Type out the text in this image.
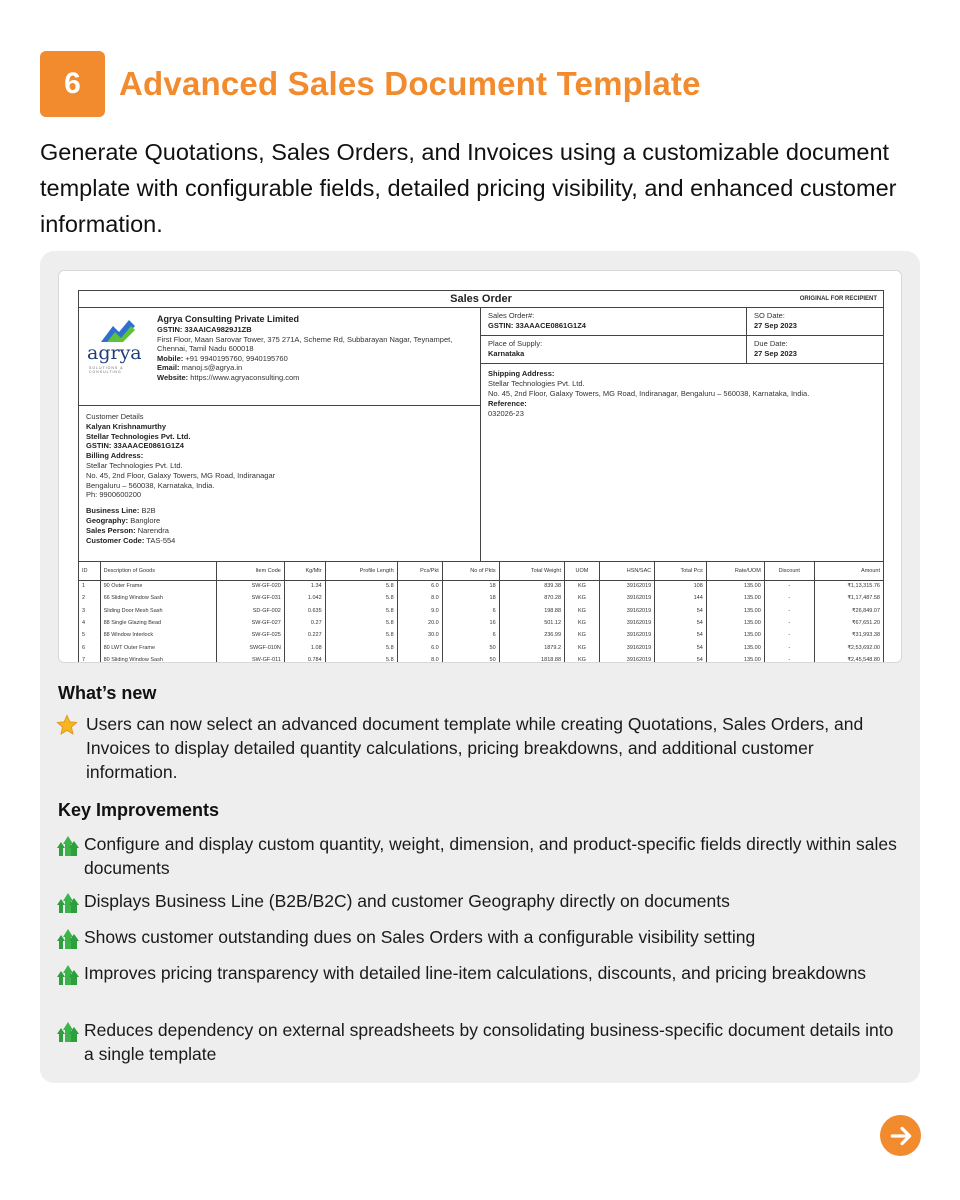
6	Advanced Sales Document Template
Generate Quotations, Sales Orders, and Invoices using a customizable document template with configurable fields, detailed pricing visibility, and enhanced customer information.
Sales Order	ORIGINAL FOR RECIPIENT
agrya
SOLUTIONS & CONSULTING
Agrya Consulting Private Limited
GSTIN: 33AAICA9829J1ZB
First Floor, Maan Sarovar Tower, 375 271A, Scheme Rd, Subbarayan Nagar, Teynampet,
Chennai, Tamil Nadu 600018
Mobile: +91 9940195760, 9940195760
Email: manoj.s@agrya.in
Website: https://www.agryaconsulting.com
Customer Details
Kalyan Krishnamurthy
Stellar Technologies Pvt. Ltd.
GSTIN: 33AAACE0861G1Z4
Billing Address:
Stellar Technologies Pvt. Ltd.
No. 45, 2nd Floor, Galaxy Towers, MG Road, Indiranagar
Bengaluru – 560038, Karnataka, India.
Ph: 9900600200
Business Line: B2B
Geography: Banglore
Sales Person: Narendra
Customer Code: TAS-554
Sales Order#:
GSTIN: 33AAACE0861G1Z4
SO Date:
27 Sep 2023
Place of Supply:
Karnataka
Due Date:
27 Sep 2023
Shipping Address:
Stellar Technologies Pvt. Ltd.
No. 45, 2nd Floor, Galaxy Towers, MG Road, Indiranagar, Bengaluru – 560038, Karnataka, India.
Reference:
032026-23
ID	Description of Goods	Item Code	Kg/Mtr	Profile Length	Pcs/Pkt	No of Pkts	Total Weight	UOM	HSN/SAC	Total Pcs	Rate/UOM	Discount	Amount
1	90 Outer Frame	SW-GF-020	1.34	5.8	6.0	18	839.38	KG	39162019	108	135.00	-	₹1,13,315.76
2	66 Sliding Window Sash	SW-GF-031	1.042	5.8	8.0	18	870.28	KG	39162019	144	135.00	-	₹1,17,487.58
3	Sliding Door Mesh Sash	SD-GF-002	0.635	5.8	9.0	6	198.88	KG	39162019	54	135.00	-	₹26,849.07
4	88 Single Glazing Bead	SW-GF-027	0.27	5.8	20.0	16	501.12	KG	39162019	54	135.00	-	₹67,651.20
5	88 Window Interlock	SW-GF-025	0.227	5.8	30.0	6	236.99	KG	39162019	54	135.00	-	₹31,993.38
6	80 LWT Outer Frame	SWGF-010N	1.08	5.8	6.0	50	1879.2	KG	39162019	54	135.00	-	₹2,53,692.00
7	80 Sliding Window Sash	SW-GF-011	0.784	5.8	8.0	50	1818.88	KG	39162019	54	135.00	-	₹2,45,548.80
What’s new
Users can now select an advanced document template while creating Quotations, Sales Orders, and Invoices to display detailed quantity calculations, pricing breakdowns, and additional customer information.
Key Improvements
Configure and display custom quantity, weight, dimension, and product-specific fields directly within sales documents
Displays Business Line (B2B/B2C) and customer Geography directly on documents
Shows customer outstanding dues on Sales Orders with a configurable visibility setting
Improves pricing transparency with detailed line-item calculations, discounts, and pricing breakdowns
Reduces dependency on external spreadsheets by consolidating business-specific document details into a single template
